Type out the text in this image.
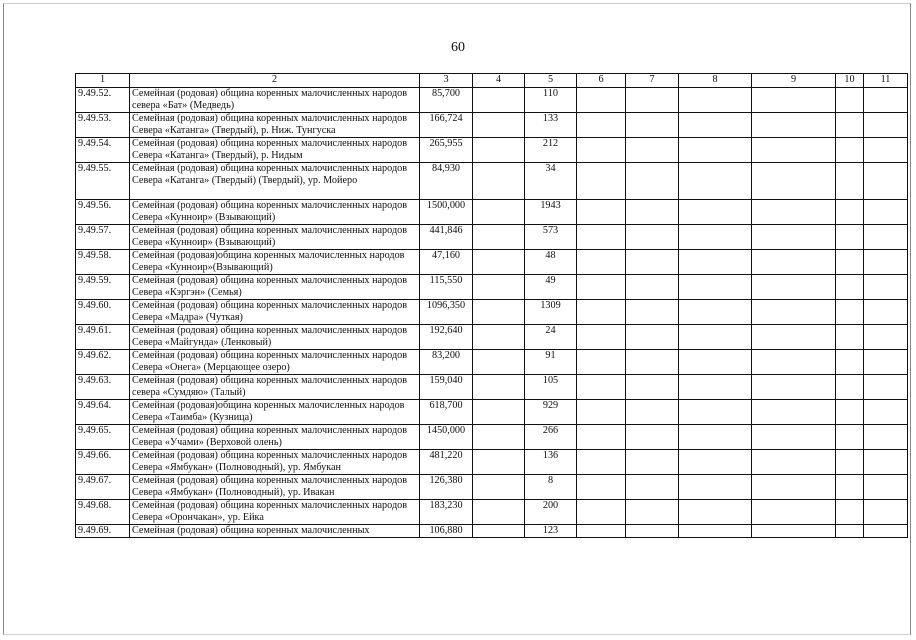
60
1	2	3	4	5	6	7	8	9	10	11
9.49.52.	Семейная (родовая) община коренных малочисленных народов севера «Бат» (Медведь)	85,700		110						
9.49.53.	Семейная (родовая) община коренных малочисленных народов Севера «Катанга» (Твердый), р. Ниж. Тунгуска	166,724		133						
9.49.54.	Семейная (родовая) община коренных малочисленных народов Севера «Катанга» (Твердый), р. Нидым	265,955		212						
9.49.55.	Семейная (родовая) община коренных малочисленных народов Севера «Катанга» (Твердый) (Твердый), ур. Мойеро	84,930		34						
9.49.56.	Семейная (родовая) община коренных малочисленных народов Севера «Кунноир» (Взывающий)	1500,000		1943						
9.49.57.	Семейная (родовая) община коренных малочисленных народов Севера «Кунноир» (Взывающий)	441,846		573						
9.49.58.	Семейная (родовая)община коренных малочисленных народов Севера «Кунноир»(Взывающий)	47,160		48						
9.49.59.	Семейная (родовая) община коренных малочисленных народов Севера «Кэргэн» (Семья)	115,550		49						
9.49.60.	Семейная (родовая) община коренных малочисленных народов Севера «Мадра» (Чуткая)	1096,350		1309						
9.49.61.	Семейная (родовая) община коренных малочисленных народов Севера «Майгунда» (Ленковый)	192,640		24						
9.49.62.	Семейная (родовая) община коренных малочисленных народов Севера «Онега» (Мерцающее озеро)	83,200		91						
9.49.63.	Семейная (родовая) община коренных малочисленных народов севера «Сумдяю» (Талый)	159,040		105						
9.49.64.	Семейная (родовая)община коренных малочисленных народов Севера «Таимба» (Кузница)	618,700		929						
9.49.65.	Семейная (родовая) община коренных малочисленных народов Севера «Учами» (Верховой олень)	1450,000		266						
9.49.66.	Семейная (родовая) община коренных малочисленных народов Севера «Ямбукан» (Полноводный), ур. Ямбукан	481,220		136						
9.49.67.	Семейная (родовая) община коренных малочисленных народов Севера «Ямбукан» (Полноводный), ур. Ивакан	126,380		8						
9.49.68.	Семейная (родовая) община коренных малочисленных народов Севера «Орончакан», ур. Ейка	183,230		200						
9.49.69.	Семейная (родовая) община коренных малочисленных	106,880		123						
